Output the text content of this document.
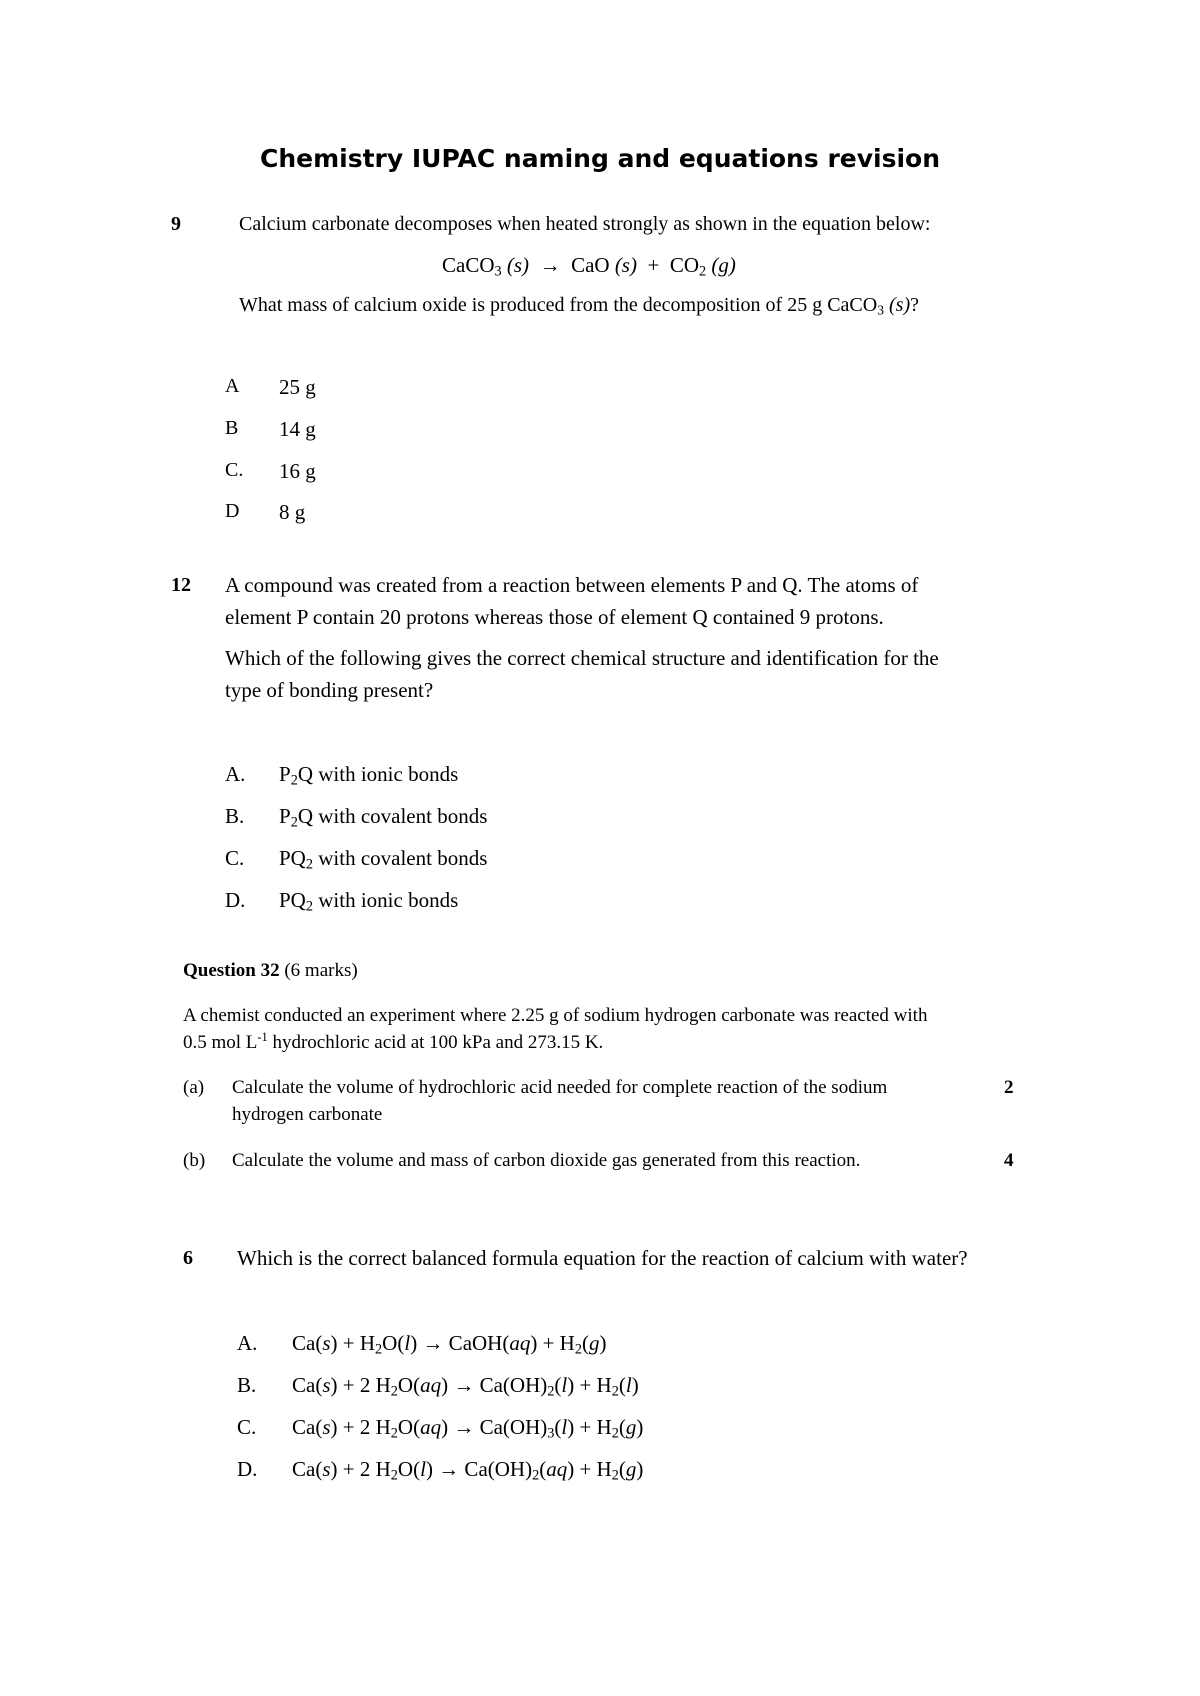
Chemistry IUPAC naming and equations revision
9	Calcium carbonate decomposes when heated strongly as shown in the equation below:
CaCO$_3$ (s) → CaO $(s) + CO_2$ (g)
What mass of calcium oxide is produced from the decomposition of 25 g CaCO$_3$ (s)?
A 25 g
B 14 g
C. 16 g
D 8 g
12 A compound was created from a reaction between elements P and Q. The atoms of
element P contain 20 protons whereas those of element Q contained 9 protons.
Which of the following gives the correct chemical structure and identification for the
type of bonding present?
A. $P_2Q$ with ionic bonds
B. $P_2Q$ with covalent bonds
C. $PQ_2$ with covalent bonds
D. $PQ_2$ with ionic bonds
Question 32 (6 marks)
A chemist conducted an experiment where 2.25 g of sodium hydrogen carbonate was reacted with
0.5 mol $L^{-1}$ hydrochloric acid at 100 kPa and 273.15 K.
(a) Calculate the volume of hydrochloric acid needed for complete reaction of the sodium
hydrogen carbonate
2
(b) Calculate the volume and mass of carbon dioxide gas generated from this reaction.	4
6 Which is the correct balanced formula equation for the reaction of calcium with water?
A. $Ca(s) + H_2O(l)$ → CaOH(aq) + $H_2(g)$
B. Ca(s) + 2 $H_2O(aq) \to Ca(OH)_2(l) + H_2(l)$
C. Ca(s) + 2 $H_2O(aq) \to Ca(OH)_3(l) + H_2(g)$
D. Ca(s) + 2 $H_2O(l) \to Ca(OH)_2(aq) + H_2(g)$
